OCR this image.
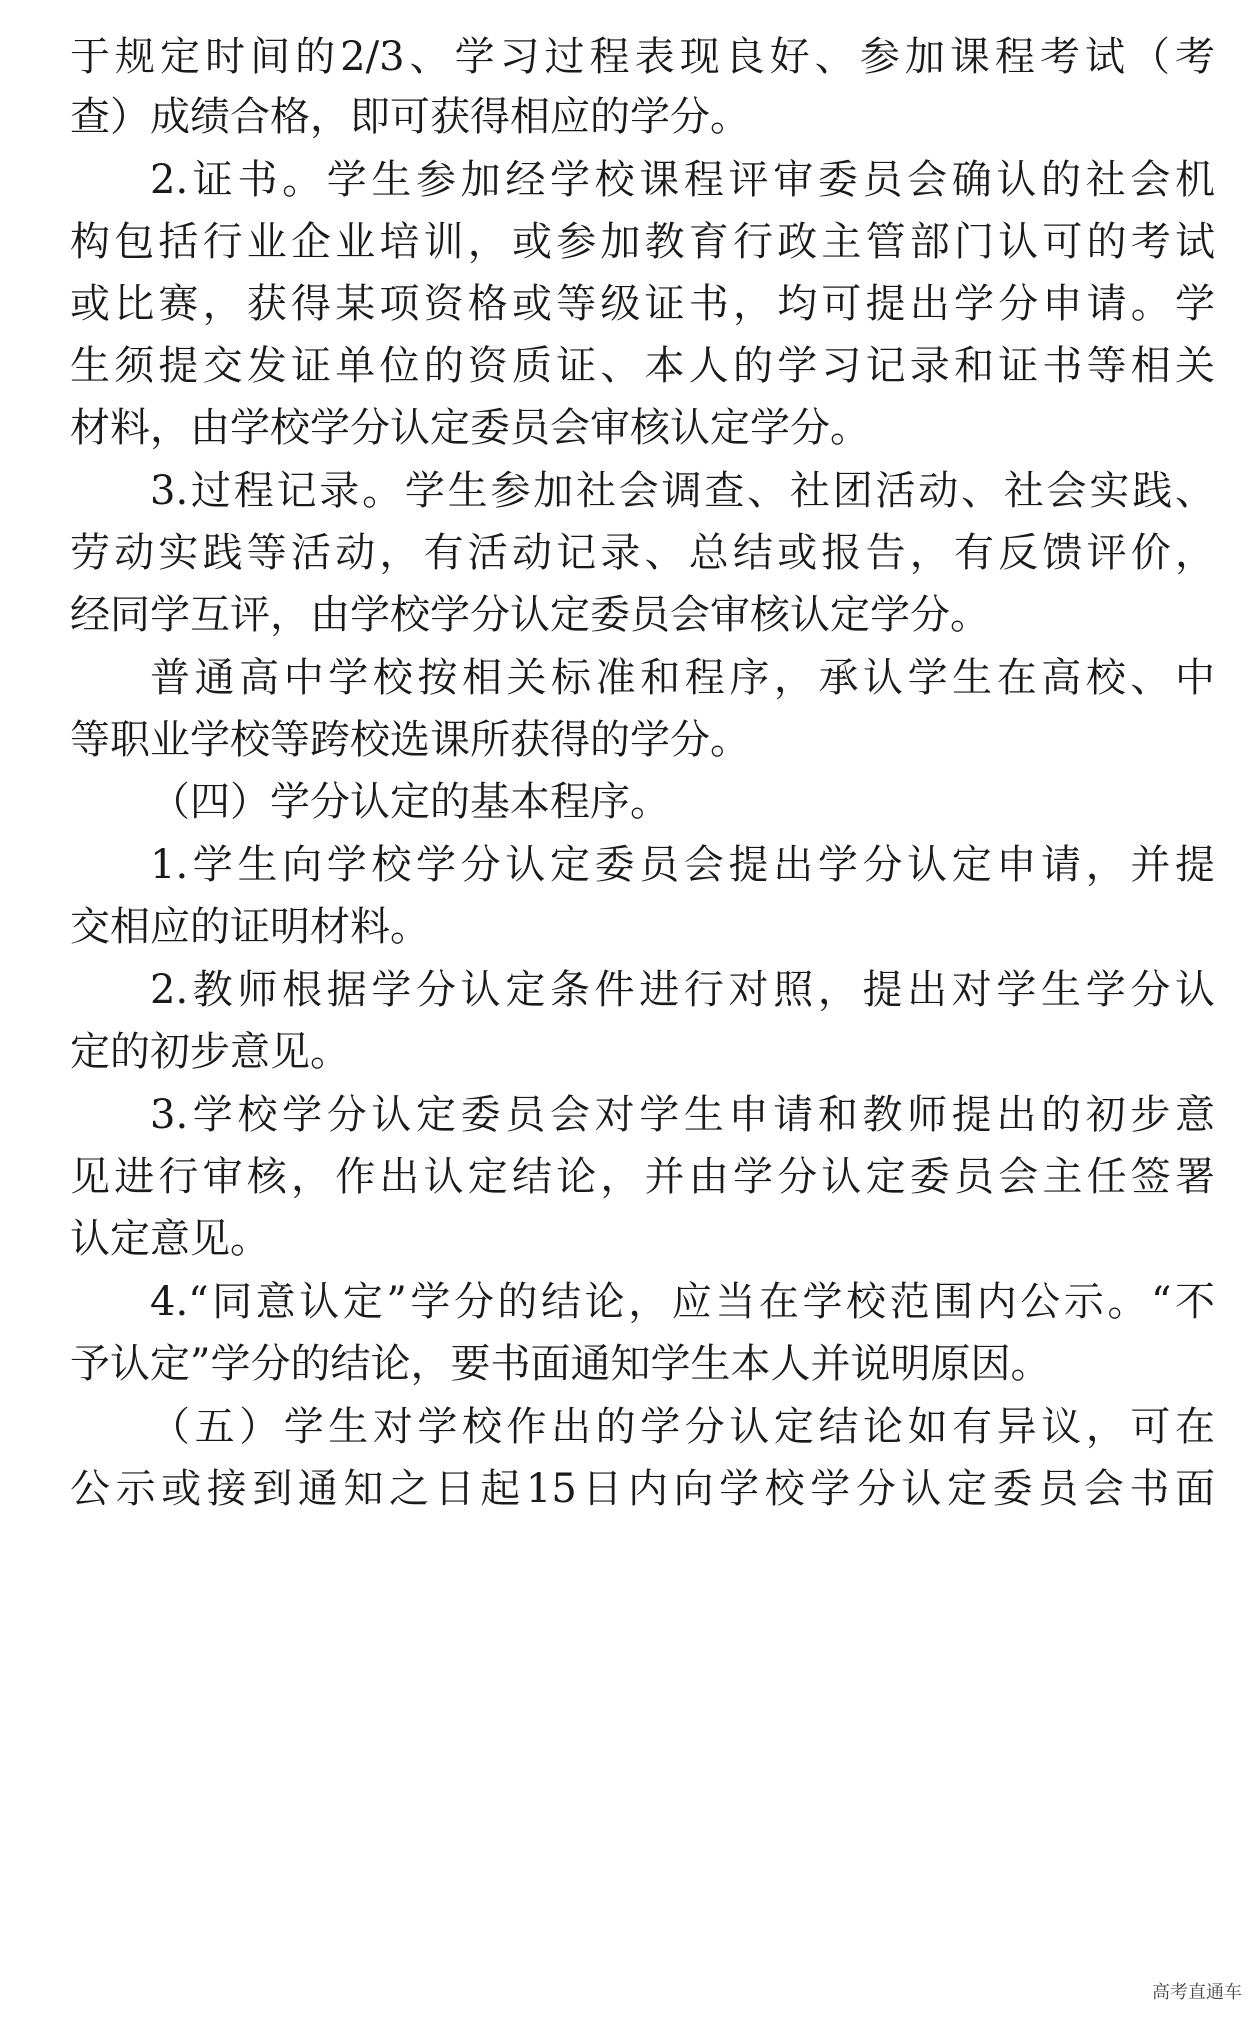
于规定时间的2/3、学习过程表现良好、参加课程考试（考

查）成绩合格，即可获得相应的学分。

2.证书。学生参加经学校课程评审委员会确认的社会机

构包括行业企业培训，或参加教育行政主管部门认可的考试

或比赛，获得某项资格或等级证书，均可提出学分申请。学

生须提交发证单位的资质证、本人的学习记录和证书等相关

材料，由学校学分认定委员会审核认定学分。

3.过程记录。学生参加社会调查、社团活动、社会实践、

劳动实践等活动，有活动记录、总结或报告，有反馈评价，

经同学互评，由学校学分认定委员会审核认定学分。

普通高中学校按相关标准和程序，承认学生在高校、中

等职业学校等跨校选课所获得的学分。

（四）学分认定的基本程序。

1.学生向学校学分认定委员会提出学分认定申请，并提

交相应的证明材料。

2.教师根据学分认定条件进行对照，提出对学生学分认

定的初步意见。

3.学校学分认定委员会对学生申请和教师提出的初步意

见进行审核，作出认定结论，并由学分认定委员会主任签署

认定意见。

4.“同意认定”学分的结论，应当在学校范围内公示。“不

予认定”学分的结论，要书面通知学生本人并说明原因。

（五）学生对学校作出的学分认定结论如有异议，可在

公示或接到通知之日起15日内向学校学分认定委员会书面

高考直通车
